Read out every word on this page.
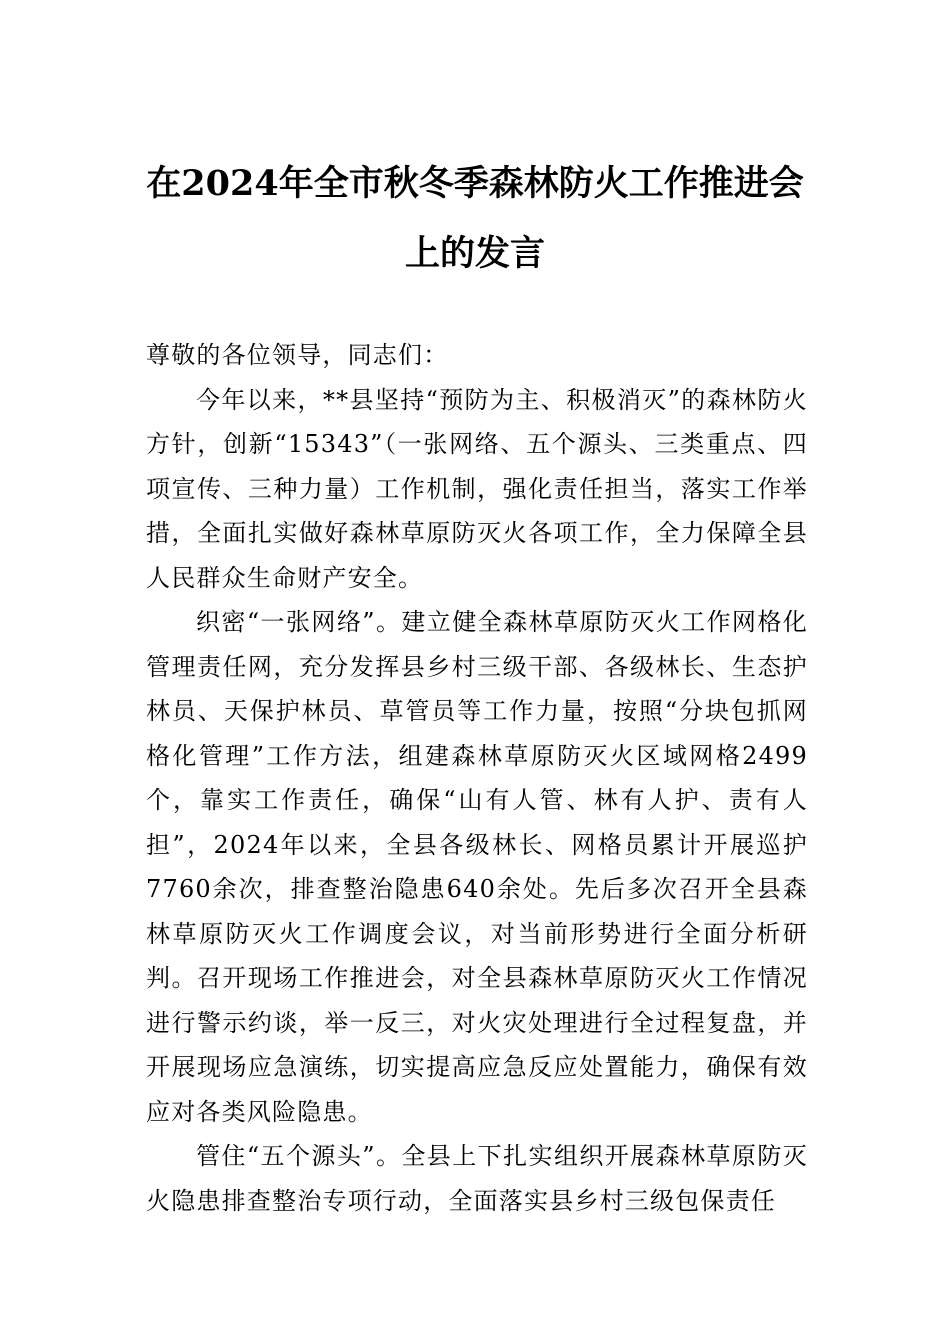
在2024年全市秋冬季森林防火工作推进会
上的发言

尊敬的各位领导，同志们：

今年以来，**县坚持“预防为主、积极消灭”的森林防火方针，创新“15343”（一张网络、五个源头、三类重点、四项宣传、三种力量）工作机制，强化责任担当，落实工作举措，全面扎实做好森林草原防灭火各项工作，全力保障全县人民群众生命财产安全。

织密“一张网络”。建立健全森林草原防灭火工作网格化管理责任网，充分发挥县乡村三级干部、各级林长、生态护林员、天保护林员、草管员等工作力量，按照“分块包抓网格化管理”工作方法，组建森林草原防灭火区域网格2499个，靠实工作责任，确保“山有人管、林有人护、责有人担”，2024年以来，全县各级林长、网格员累计开展巡护7760余次，排查整治隐患640余处。先后多次召开全县森林草原防灭火工作调度会议，对当前形势进行全面分析研判。召开现场工作推进会，对全县森林草原防灭火工作情况进行警示约谈，举一反三，对火灾处理进行全过程复盘，并开展现场应急演练，切实提高应急反应处置能力，确保有效应对各类风险隐患。

管住“五个源头”。全县上下扎实组织开展森林草原防灭火隐患排查整治专项行动，全面落实县乡村三级包保责任
